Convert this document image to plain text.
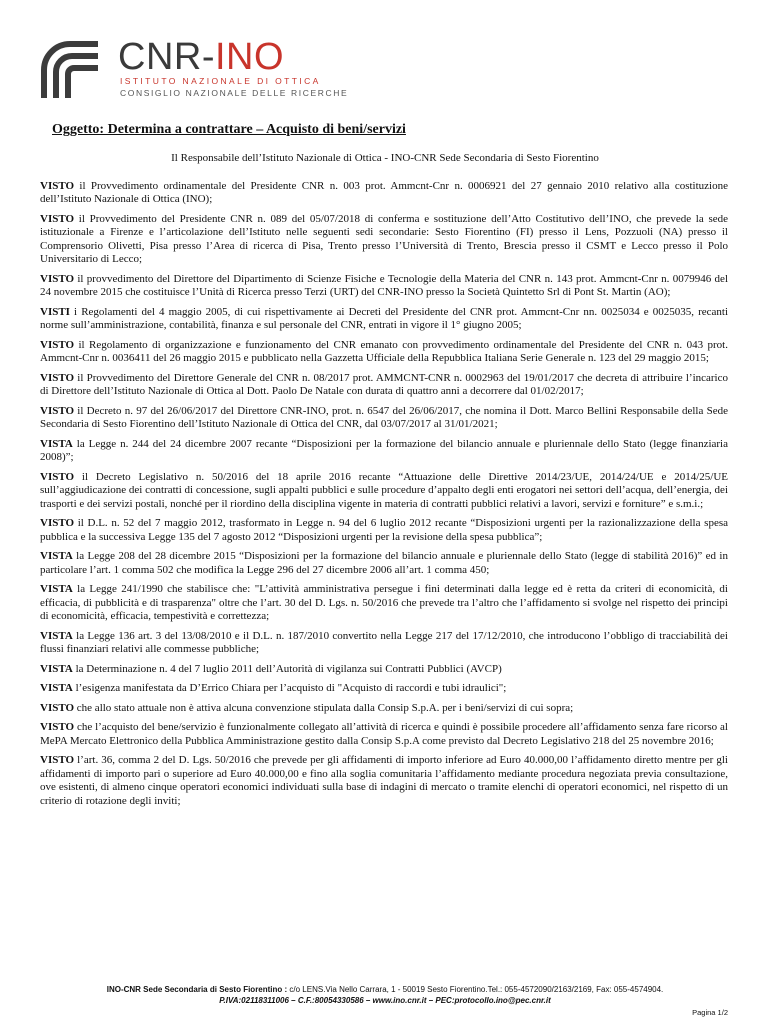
CNR-INO
ISTITUTO NAZIONALE DI OTTICA
CONSIGLIO NAZIONALE DELLE RICERCHE
Oggetto: Determina a contrattare – Acquisto di beni/servizi
Il Responsabile dell’Istituto Nazionale di Ottica - INO-CNR Sede Secondaria di Sesto Fiorentino

VISTO il Provvedimento ordinamentale del Presidente CNR n. 003 prot. Ammcnt-Cnr n. 0006921 del 27 gennaio 2010 relativo alla costituzione dell’Istituto Nazionale di Ottica (INO);

VISTO il Provvedimento del Presidente CNR n. 089 del 05/07/2018 di conferma e sostituzione dell’Atto Costitutivo dell’INO, che prevede la sede istituzionale a Firenze e l’articolazione dell’Istituto nelle seguenti sedi secondarie: Sesto Fiorentino (FI) presso il Lens, Pozzuoli (NA) presso il Comprensorio Olivetti, Pisa presso l’Area di ricerca di Pisa, Trento presso l’Università di Trento, Brescia presso il CSMT e Lecco presso il Polo Universitario di Lecco;

VISTO il provvedimento del Direttore del Dipartimento di Scienze Fisiche e Tecnologie della Materia del CNR n. 143 prot. Ammcnt-Cnr n. 0079946 del 24 novembre 2015 che costituisce l’Unità di Ricerca presso Terzi (URT) del CNR-INO presso la Società Quintetto Srl di Pont St. Martin (AO);

VISTI i Regolamenti del 4 maggio 2005, di cui rispettivamente ai Decreti del Presidente del CNR prot. Ammcnt-Cnr nn. 0025034 e 0025035, recanti norme sull’amministrazione, contabilità, finanza e sul personale del CNR, entrati in vigore il 1° giugno 2005;

VISTO il Regolamento di organizzazione e funzionamento del CNR emanato con provvedimento ordinamentale del Presidente del CNR n. 043 prot. Ammcnt-Cnr n. 0036411 del 26 maggio 2015 e pubblicato nella Gazzetta Ufficiale della Repubblica Italiana Serie Generale n. 123 del 29 maggio 2015;

VISTO il Provvedimento del Direttore Generale del CNR n. 08/2017 prot. AMMCNT-CNR n. 0002963 del 19/01/2017 che decreta di attribuire l’incarico di Direttore dell’Istituto Nazionale di Ottica al Dott. Paolo De Natale con durata di quattro anni a decorrere dal 01/02/2017;

VISTO il Decreto n. 97 del 26/06/2017 del Direttore CNR-INO, prot. n. 6547 del 26/06/2017, che nomina il Dott. Marco Bellini Responsabile della Sede Secondaria di Sesto Fiorentino dell’Istituto Nazionale di Ottica del CNR, dal 03/07/2017 al 31/01/2021;

VISTA la Legge n. 244 del 24 dicembre 2007 recante “Disposizioni per la formazione del bilancio annuale e pluriennale dello Stato (legge finanziaria 2008)”;

VISTO il Decreto Legislativo n. 50/2016 del 18 aprile 2016 recante “Attuazione delle Direttive 2014/23/UE, 2014/24/UE e 2014/25/UE sull’aggiudicazione dei contratti di concessione, sugli appalti pubblici e sulle procedure d’appalto degli enti erogatori nei settori dell’acqua, dell’energia, dei trasporti e dei servizi postali, nonché per il riordino della disciplina vigente in materia di contratti pubblici relativi a lavori, servizi e forniture” e s.m.i.;

VISTO il D.L. n. 52 del 7 maggio 2012, trasformato in Legge n. 94 del 6 luglio 2012 recante “Disposizioni urgenti per la razionalizzazione della spesa pubblica e la successiva Legge 135 del 7 agosto 2012 “Disposizioni urgenti per la revisione della spesa pubblica”;

VISTA la Legge 208 del 28 dicembre 2015 “Disposizioni per la formazione del bilancio annuale e pluriennale dello Stato (legge di stabilità 2016)” ed in particolare l’art. 1 comma 502 che modifica la Legge 296 del 27 dicembre 2006 all’art. 1 comma 450;

VISTA la Legge 241/1990 che stabilisce che: "L’attività amministrativa persegue i fini determinati dalla legge ed è retta da criteri di economicità, di efficacia, di pubblicità e di trasparenza" oltre che l’art. 30 del D. Lgs. n. 50/2016 che prevede tra l’altro che l’affidamento si svolge nel rispetto dei principi di economicità, efficacia, tempestività e correttezza;

VISTA la Legge 136 art. 3 del 13/08/2010 e il D.L. n. 187/2010 convertito nella Legge 217 del 17/12/2010, che introducono l’obbligo di tracciabilità dei flussi finanziari relativi alle commesse pubbliche;

VISTA la Determinazione n. 4 del 7 luglio 2011 dell’Autorità di vigilanza sui Contratti Pubblici (AVCP)

VISTA l’esigenza manifestata da D’Errico Chiara per l’acquisto di "Acquisto di raccordi e tubi idraulici";

VISTO che allo stato attuale non è attiva alcuna convenzione stipulata dalla Consip S.p.A. per i beni/servizi di cui sopra;

VISTO che l’acquisto del bene/servizio è funzionalmente collegato all’attività di ricerca e quindi è possibile procedere all’affidamento senza fare ricorso al MePA Mercato Elettronico della Pubblica Amministrazione gestito dalla Consip S.p.A come previsto dal Decreto Legislativo 218 del 25 novembre 2016;

VISTO l’art. 36, comma 2 del D. Lgs. 50/2016 che prevede per gli affidamenti di importo inferiore ad Euro 40.000,00 l’affidamento diretto mentre per gli affidamenti di importo pari o superiore ad Euro 40.000,00 e fino alla soglia comunitaria l’affidamento mediante procedura negoziata previa consultazione, ove esistenti, di almeno cinque operatori economici individuati sulla base di indagini di mercato o tramite elenchi di operatori economici, nel rispetto di un criterio di rotazione degli inviti;

INO-CNR Sede Secondaria di Sesto Fiorentino : c/o LENS.Via Nello Carrara, 1 - 50019 Sesto Fiorentino.Tel.: 055-4572090/2163/2169, Fax: 055-4574904.
P.IVA:02118311006 – C.F.:80054330586 – www.ino.cnr.it – PEC:protocollo.ino@pec.cnr.it
Pagina 1/2
